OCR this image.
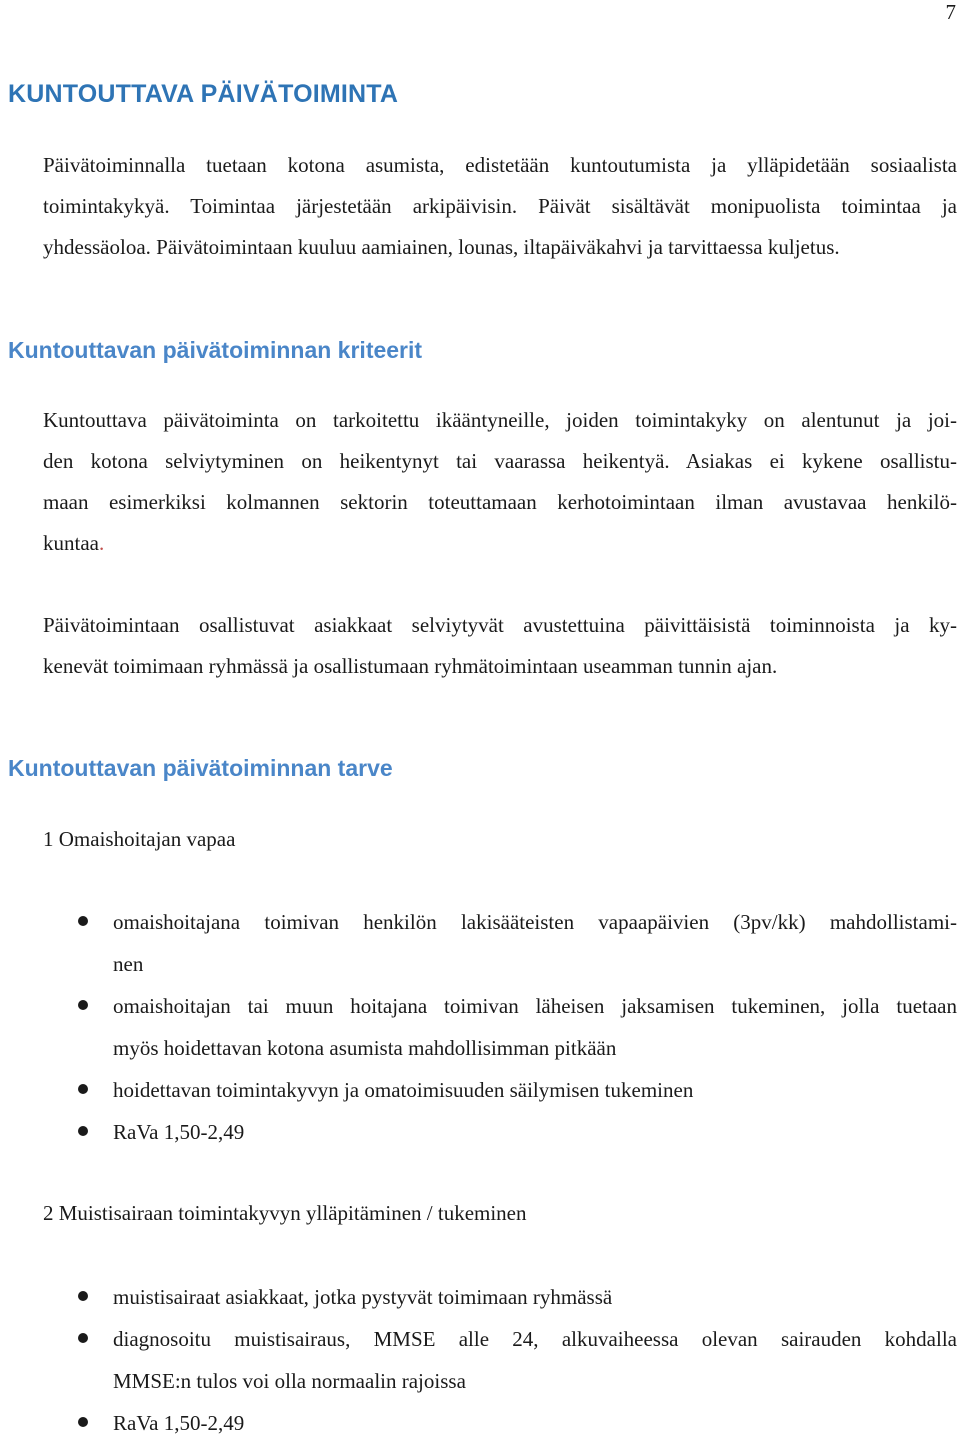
7
KUNTOUTTAVA PÄIVÄTOIMINTA

Päivätoiminnalla tuetaan kotona asumista, edistetään kuntoutumista ja ylläpidetään sosiaalista
toimintakykyä. Toimintaa järjestetään arkipäivisin. Päivät sisältävät monipuolista toimintaa ja
yhdessäoloa. Päivätoimintaan kuuluu aamiainen, lounas, iltapäiväkahvi ja tarvittaessa kuljetus.

Kuntouttavan päivätoiminnan kriteerit

Kuntouttava päivätoiminta on tarkoitettu ikääntyneille, joiden toimintakyky on alentunut ja joi-
den kotona selviytyminen on heikentynyt tai vaarassa heikentyä. Asiakas ei kykene osallistu-
maan esimerkiksi kolmannen sektorin toteuttamaan kerhotoimintaan ilman avustavaa henkilö-
kuntaa.

Päivätoimintaan osallistuvat asiakkaat selviytyvät avustettuina päivittäisistä toiminnoista ja ky-
kenevät toimimaan ryhmässä ja osallistumaan ryhmätoimintaan useamman tunnin ajan.

Kuntouttavan päivätoiminnan tarve

1 Omaishoitajan vapaa

omaishoitajana toimivan henkilön lakisääteisten vapaapäivien (3pv/kk) mahdollistami-
nen
omaishoitajan tai muun hoitajana toimivan läheisen jaksamisen tukeminen, jolla tuetaan
myös hoidettavan kotona asumista mahdollisimman pitkään
hoidettavan toimintakyvyn ja omatoimisuuden säilymisen tukeminen
RaVa 1,50-2,49

2 Muistisairaan toimintakyvyn ylläpitäminen / tukeminen

muistisairaat asiakkaat, jotka pystyvät toimimaan ryhmässä
diagnosoitu muistisairaus, MMSE alle 24, alkuvaiheessa olevan sairauden kohdalla
MMSE:n tulos voi olla normaalin rajoissa
RaVa 1,50-2,49
